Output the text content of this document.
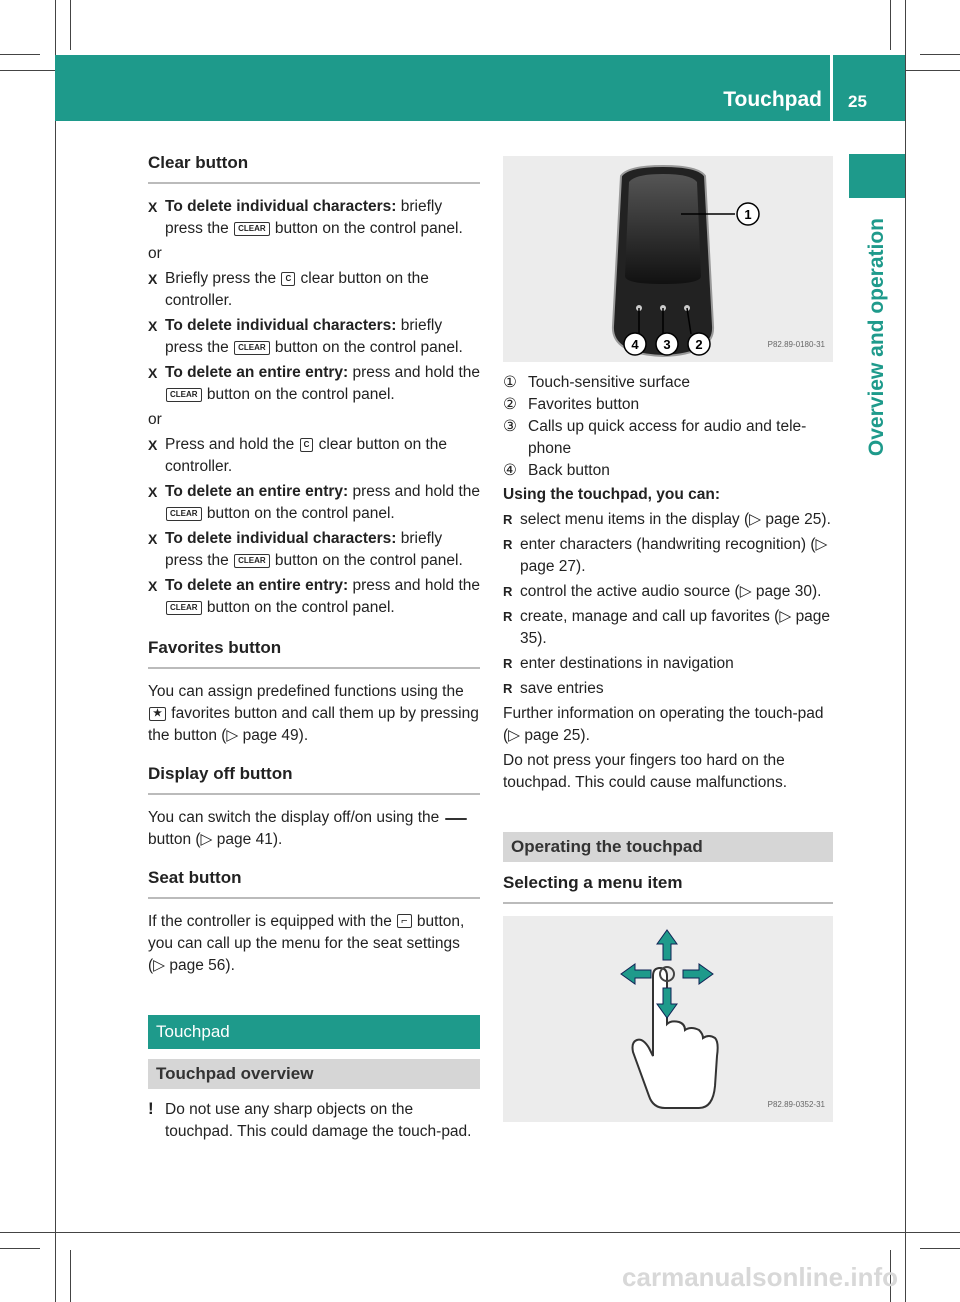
Touchpad 25
Overview and operation
Clear button
X To delete individual characters: briefly press the CLEAR button on the control panel.
or
X Briefly press the C clear button on the controller.
X To delete individual characters: briefly press the CLEAR button on the control panel.
X To delete an entire entry: press and hold the CLEAR button on the control panel.
or
X Press and hold the C clear button on the controller.
X To delete an entire entry: press and hold the CLEAR button on the control panel.
X To delete individual characters: briefly press the CLEAR button on the control panel.
X To delete an entire entry: press and hold the CLEAR button on the control panel.
Favorites button
You can assign predefined functions using the ★ favorites button and call them up by pressing the button (▷ page 49).
Display off button
You can switch the display off/on using the  button (▷ page 41).
Seat button
If the controller is equipped with the ⌐ button, you can call up the menu for the seat settings (▷ page 56).
Touchpad
Touchpad overview
! Do not use any sharp objects on the touchpad. This could damage the touch-pad.
1
4 3 2	P82.89-0180-31
① Touch-sensitive surface
② Favorites button
③ Calls up quick access for audio and tele-phone
④ Back button
Using the touchpad, you can:
R select menu items in the display (▷ page 25).
R enter characters (handwriting recognition) (▷ page 27).
R control the active audio source (▷ page 30).
R create, manage and call up favorites (▷ page 35).
R enter destinations in navigation
R save entries
Further information on operating the touch-pad (▷ page 25).
Do not press your fingers too hard on the touchpad. This could cause malfunctions.
Operating the touchpad
Selecting a menu item
P82.89-0352-31
carmanualsonline.info
